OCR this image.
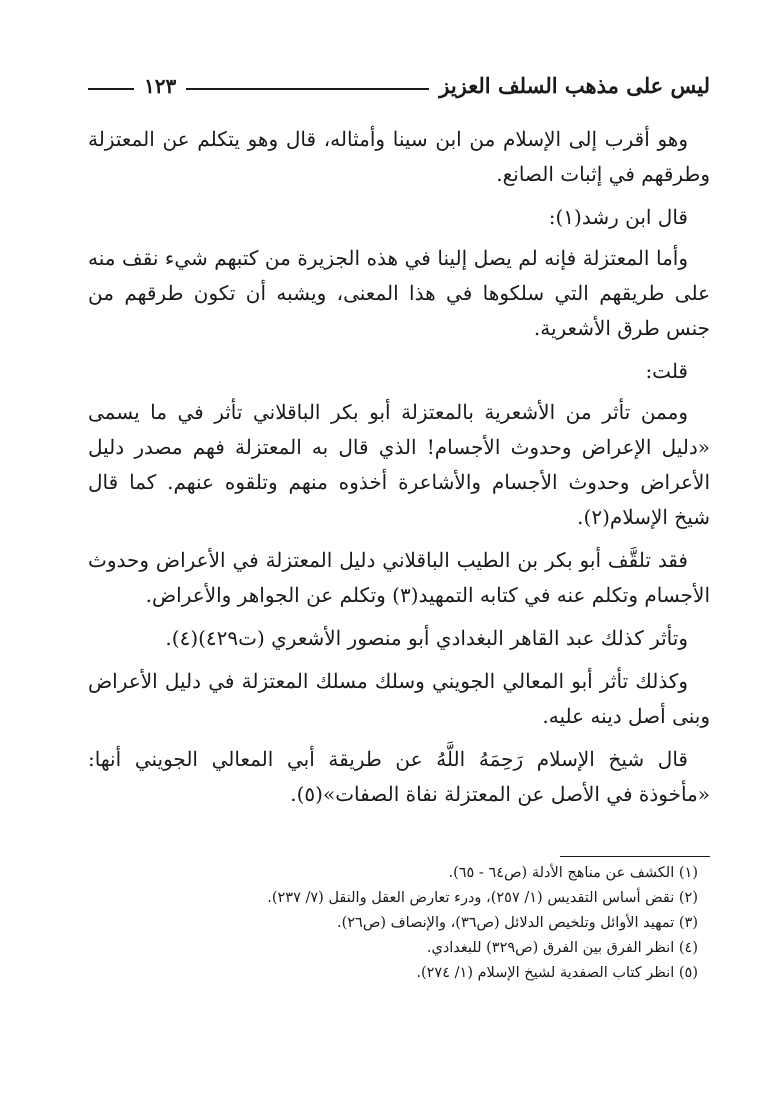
ليس على مذهب السلف العزيز
١٢٣

وهو أقرب إلى الإسلام من ابن سينا وأمثاله، قال وهو يتكلم عن المعتزلة وطرقهم في إثبات الصانع.

قال ابن رشد(١):

وأما المعتزلة فإنه لم يصل إلينا في هذه الجزيرة من كتبهم شيء نقف منه على طريقهم التي سلكوها في هذا المعنى، ويشبه أن تكون طرقهم من جنس طرق الأشعرية.

قلت:

وممن تأثر من الأشعرية بالمعتزلة أبو بكر الباقلاني تأثر في ما يسمى «دليل الإعراض وحدوث الأجسام! الذي قال به المعتزلة فهم مصدر دليل الأعراض وحدوث الأجسام والأشاعرة أخذوه منهم وتلقوه عنهم. كما قال شيخ الإسلام(٢).

فقد تلقَّف أبو بكر بن الطيب الباقلاني دليل المعتزلة في الأعراض وحدوث الأجسام وتكلم عنه في كتابه التمهيد(٣) وتكلم عن الجواهر والأعراض.

وتأثر كذلك عبد القاهر البغدادي أبو منصور الأشعري (ت٤٢٩)(٤).

وكذلك تأثر أبو المعالي الجويني وسلك مسلك المعتزلة في دليل الأعراض وبنى أصل دينه عليه.

قال شيخ الإسلام رَحِمَهُ اللَّهُ عن طريقة أبي المعالي الجويني أنها: «مأخوذة في الأصل عن المعتزلة نفاة الصفات»(٥).

(١) الكشف عن مناهج الأدلة (ص٦٤ - ٦٥).

(٢) نقض أساس التقديس (١/ ٢٥٧)، ودرء تعارض العقل والنقل (٧/ ٢٣٧).

(٣) تمهيد الأوائل وتلخيص الدلائل (ص٣٦)، والإنصاف (ص٢٦).

(٤) انظر الفرق بين الفرق (ص٣٢٩) للبغدادي.

(٥) انظر كتاب الصفدية لشيخ الإسلام (١/ ٢٧٤).
